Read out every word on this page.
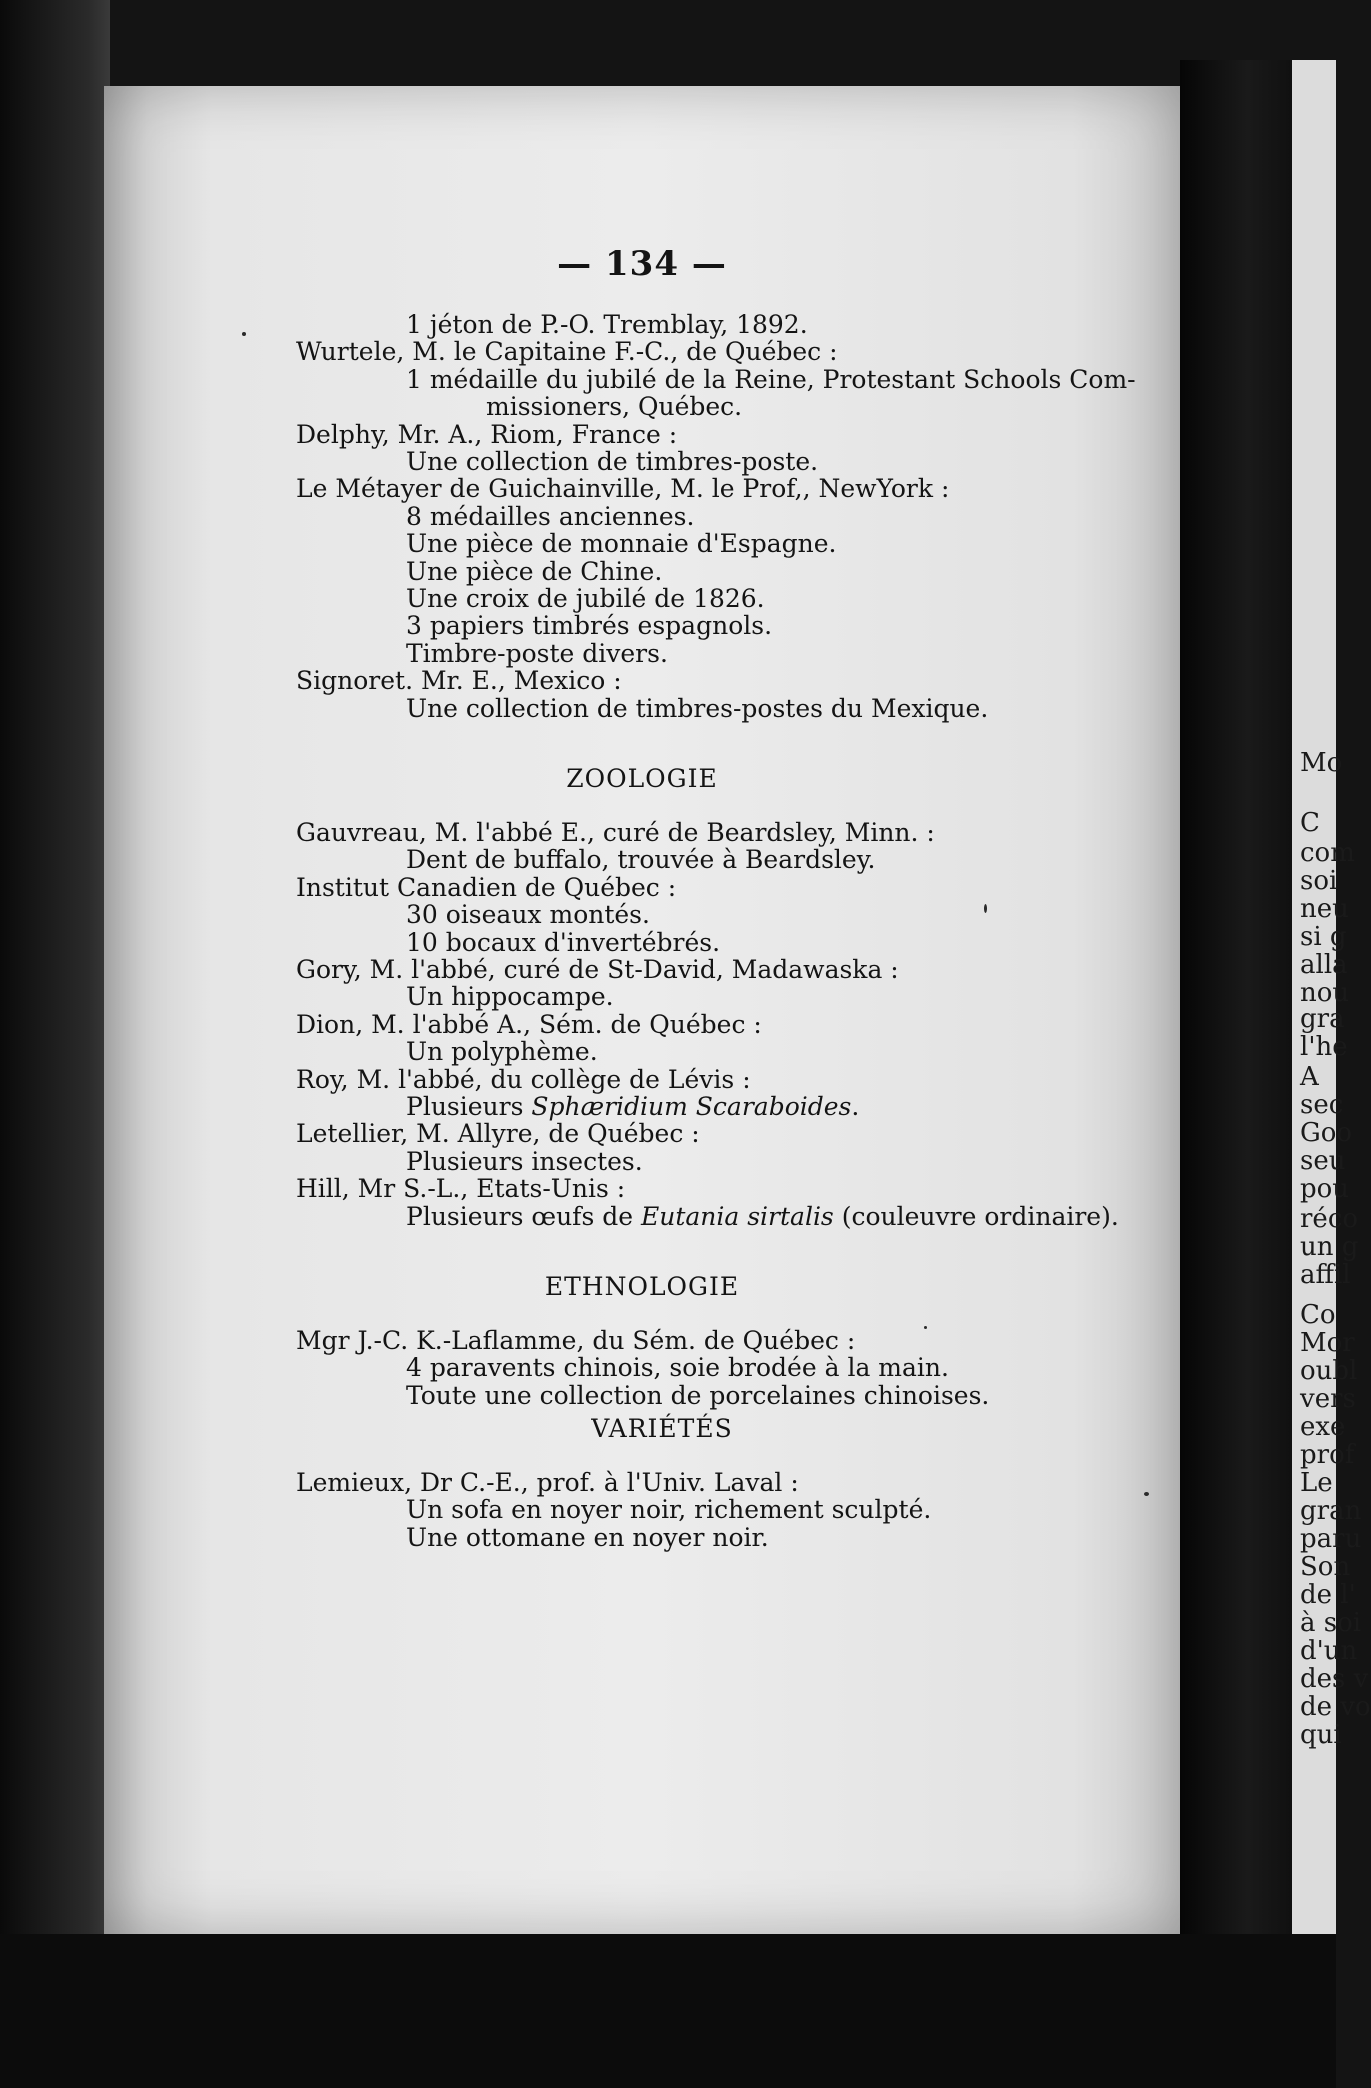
Mo
C
com
soi
neu
si g
alla
nou
gra
l'he
A
sec
Goo
seu
pou
réco
un g
affil
Co
Mor
oubl
vers
exe
prof
Le
gran
paru
Son
de l'
à soi
d'un
des v
de vo
qui
— 134 —
1 jéton de P.-O. Tremblay, 1892.
Wurtele, M. le Capitaine F.-C., de Québec :
1 médaille du jubilé de la Reine, Protestant Schools Com-
missioners, Québec.
Delphy, Mr. A., Riom, France :
Une collection de timbres-poste.
Le Métayer de Guichainville, M. le Prof,, NewYork :
8 médailles anciennes.
Une pièce de monnaie d'Espagne.
Une pièce de Chine.
Une croix de jubilé de 1826.
3 papiers timbrés espagnols.
Timbre-poste divers.
Signoret. Mr. E., Mexico :
Une collection de timbres-postes du Mexique.
ZOOLOGIE
Gauvreau, M. l'abbé E., curé de Beardsley, Minn. :
Dent de buffalo, trouvée à Beardsley.
Institut Canadien de Québec :
30 oiseaux montés.
10 bocaux d'invertébrés.
Gory, M. l'abbé, curé de St-David, Madawaska :
Un hippocampe.
Dion, M. l'abbé A., Sém. de Québec :
Un polyphème.
Roy, M. l'abbé, du collège de Lévis :
Plusieurs Sphæridium Scaraboides.
Letellier, M. Allyre, de Québec :
Plusieurs insectes.
Hill, Mr S.-L., Etats-Unis :
Plusieurs œufs de Eutania sirtalis (couleuvre ordinaire).
ETHNOLOGIE
Mgr J.-C. K.-Laflamme, du Sém. de Québec :
4 paravents chinois, soie brodée à la main.
Toute une collection de porcelaines chinoises.
VARIÉTÉS
Lemieux, Dr C.-E., prof. à l'Univ. Laval :
Un sofa en noyer noir, richement sculpté.
Une ottomane en noyer noir.
